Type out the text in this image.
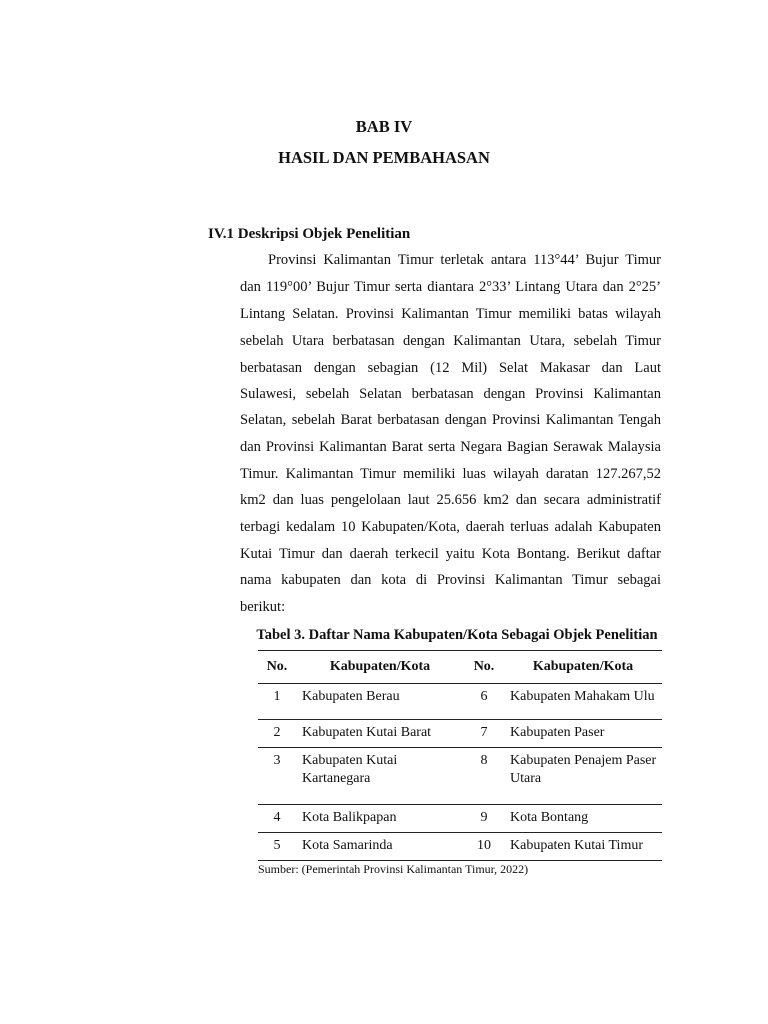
BAB IV
HASIL DAN PEMBAHASAN
IV.1 Deskripsi Objek Penelitian
Provinsi Kalimantan Timur terletak antara 113°44’ Bujur Timur
dan 119°00’ Bujur Timur serta diantara 2°33’ Lintang Utara dan 2°25’
Lintang Selatan. Provinsi Kalimantan Timur memiliki batas wilayah
sebelah Utara berbatasan dengan Kalimantan Utara, sebelah Timur
berbatasan dengan sebagian (12 Mil) Selat Makasar dan Laut
Sulawesi, sebelah Selatan berbatasan dengan Provinsi Kalimantan
Selatan, sebelah Barat berbatasan dengan Provinsi Kalimantan Tengah
dan Provinsi Kalimantan Barat serta Negara Bagian Serawak Malaysia
Timur. Kalimantan Timur memiliki luas wilayah daratan 127.267,52
km2 dan luas pengelolaan laut 25.656 km2 dan secara administratif
terbagi kedalam 10 Kabupaten/Kota, daerah terluas adalah Kabupaten
Kutai Timur dan daerah terkecil yaitu Kota Bontang. Berikut daftar
nama kabupaten dan kota di Provinsi Kalimantan Timur sebagai
berikut:
Tabel 3. Daftar Nama Kabupaten/Kota Sebagai Objek Penelitian
No.	Kabupaten/Kota	No.	Kabupaten/Kota
1	Kabupaten Berau	6	Kabupaten Mahakam Ulu
2	Kabupaten Kutai Barat	7	Kabupaten Paser
3	Kabupaten Kutai Kartanegara	8	Kabupaten Penajem Paser Utara
4	Kota Balikpapan	9	Kota Bontang
5	Kota Samarinda	10	Kabupaten Kutai Timur
Sumber: (Pemerintah Provinsi Kalimantan Timur, 2022)
